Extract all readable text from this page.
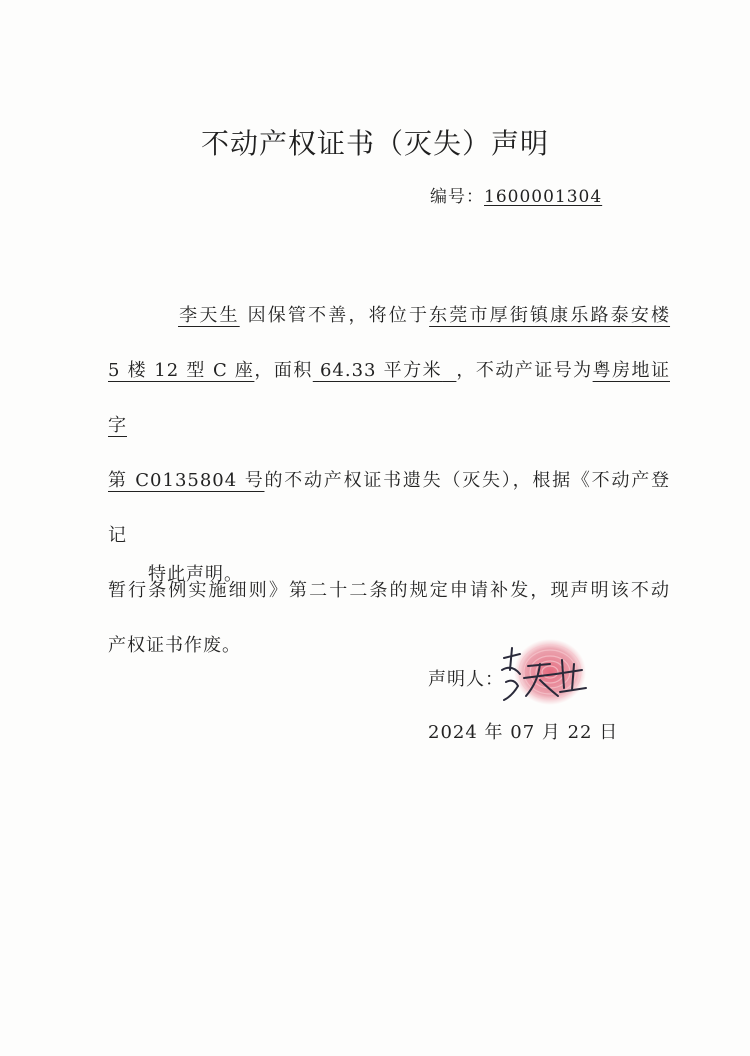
不动产权证书（灭失）声明
编号：1600001304

李天生 因保管不善，将位于东莞市厚街镇康乐路泰安楼

5 楼 12 型 C 座，面积 64.33 平方米 ，不动产证号为粤房地证字

第 C0135804 号的不动产权证书遗失（灭失），根据《不动产登记

暂行条例实施细则》第二十二条的规定申请补发，现声明该不动

产权证书作废。

特此声明。
声明人：
2024 年 07 月 22 日
